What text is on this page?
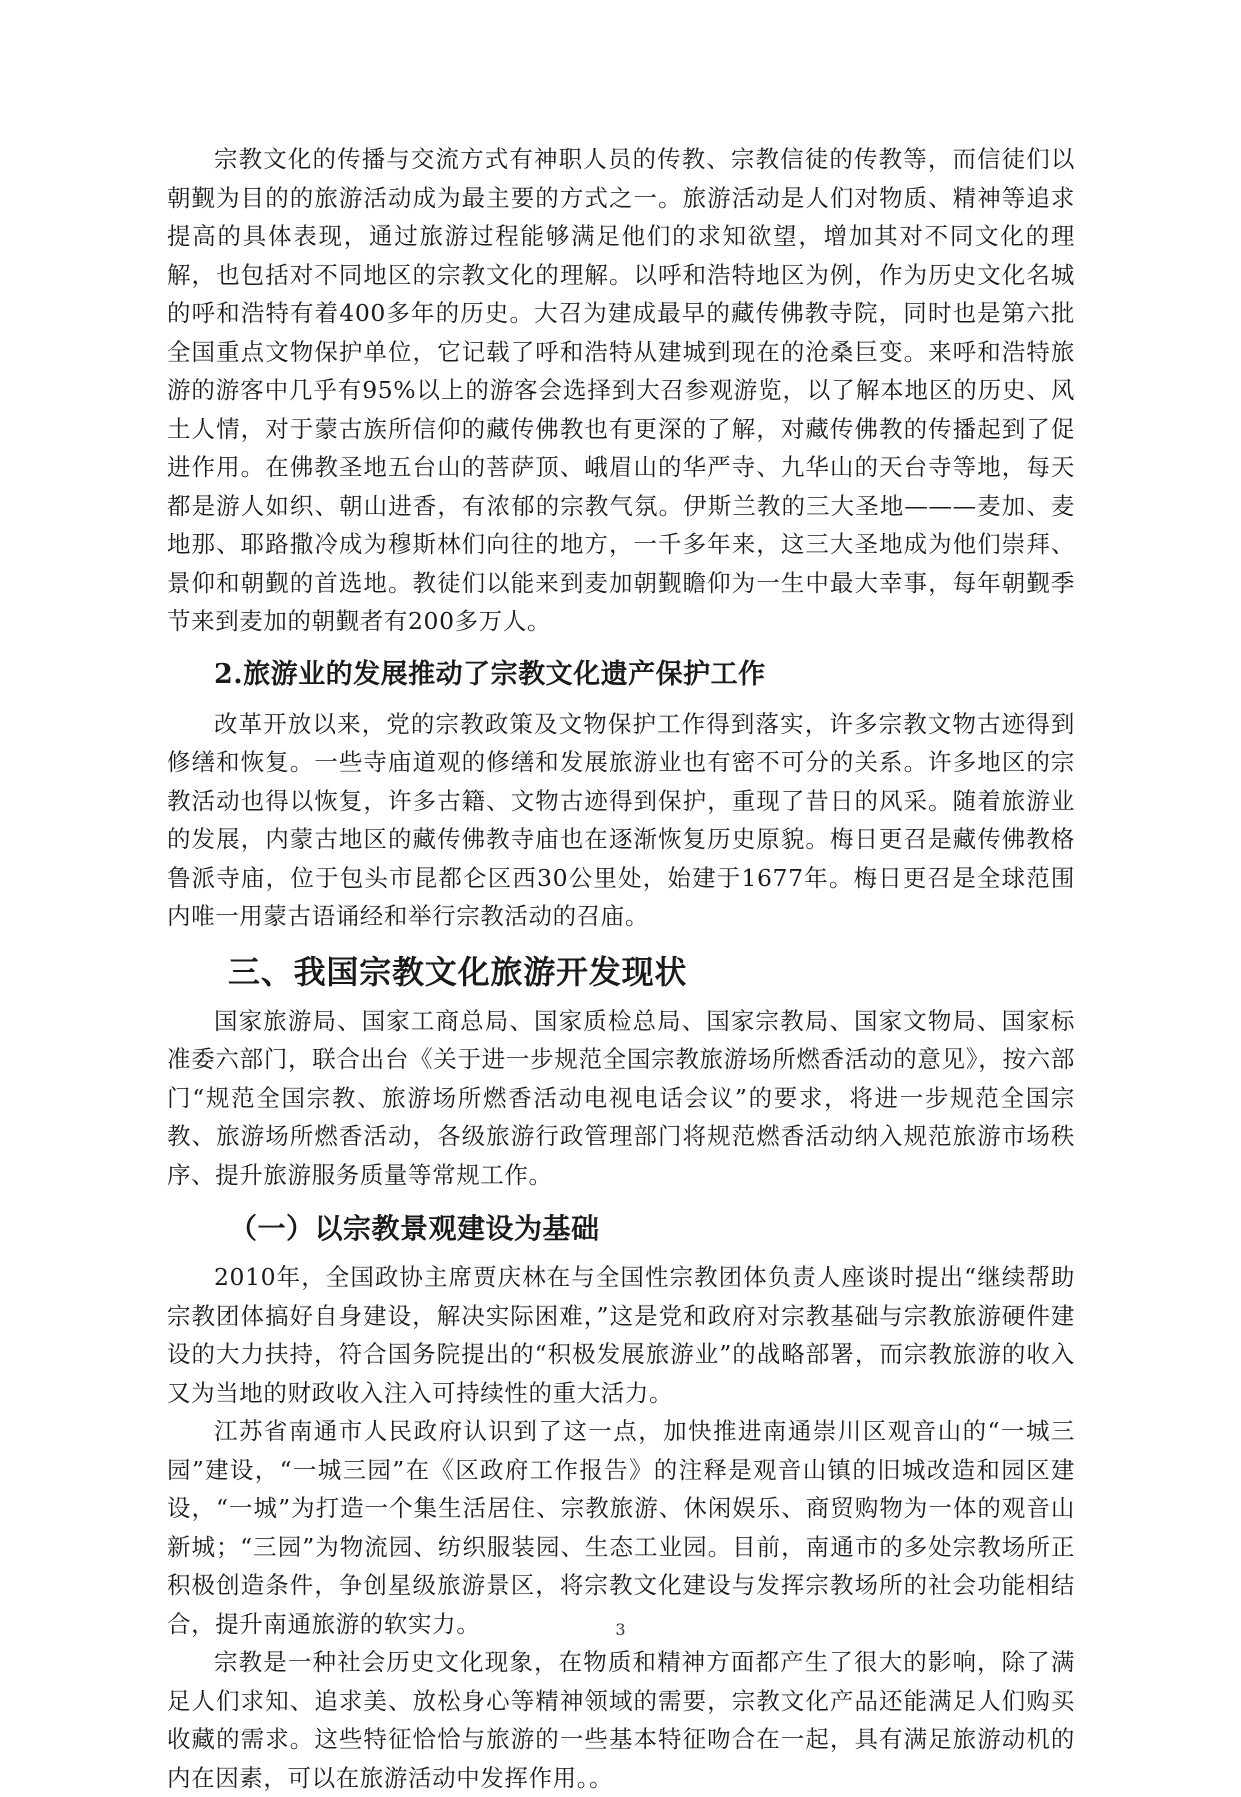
宗教文化的传播与交流方式有神职人员的传教、宗教信徒的传教等，而信徒们以朝觐为目的的旅游活动成为最主要的方式之一。旅游活动是人们对物质、精神等追求提高的具体表现，通过旅游过程能够满足他们的求知欲望，增加其对不同文化的理解，也包括对不同地区的宗教文化的理解。以呼和浩特地区为例，作为历史文化名城的呼和浩特有着400多年的历史。大召为建成最早的藏传佛教寺院，同时也是第六批全国重点文物保护单位，它记载了呼和浩特从建城到现在的沧桑巨变。来呼和浩特旅游的游客中几乎有95%以上的游客会选择到大召参观游览，以了解本地区的历史、风土人情，对于蒙古族所信仰的藏传佛教也有更深的了解，对藏传佛教的传播起到了促进作用。在佛教圣地五台山的菩萨顶、峨眉山的华严寺、九华山的天台寺等地，每天都是游人如织、朝山进香，有浓郁的宗教气氛。伊斯兰教的三大圣地———麦加、麦地那、耶路撒冷成为穆斯林们向往的地方，一千多年来，这三大圣地成为他们崇拜、景仰和朝觐的首选地。教徒们以能来到麦加朝觐瞻仰为一生中最大幸事，每年朝觐季节来到麦加的朝觐者有200多万人。

2.旅游业的发展推动了宗教文化遗产保护工作

改革开放以来，党的宗教政策及文物保护工作得到落实，许多宗教文物古迹得到修缮和恢复。一些寺庙道观的修缮和发展旅游业也有密不可分的关系。许多地区的宗教活动也得以恢复，许多古籍、文物古迹得到保护，重现了昔日的风采。随着旅游业的发展，内蒙古地区的藏传佛教寺庙也在逐渐恢复历史原貌。梅日更召是藏传佛教格鲁派寺庙，位于包头市昆都仑区西30公里处，始建于1677年。梅日更召是全球范围内唯一用蒙古语诵经和举行宗教活动的召庙。

三、我国宗教文化旅游开发现状

国家旅游局、国家工商总局、国家质检总局、国家宗教局、国家文物局、国家标准委六部门，联合出台《关于进一步规范全国宗教旅游场所燃香活动的意见》，按六部门“规范全国宗教、旅游场所燃香活动电视电话会议”的要求，将进一步规范全国宗教、旅游场所燃香活动，各级旅游行政管理部门将规范燃香活动纳入规范旅游市场秩序、提升旅游服务质量等常规工作。

（一）以宗教景观建设为基础

2010年，全国政协主席贾庆林在与全国性宗教团体负责人座谈时提出“继续帮助宗教团体搞好自身建设，解决实际困难，”这是党和政府对宗教基础与宗教旅游硬件建设的大力扶持，符合国务院提出的“积极发展旅游业”的战略部署，而宗教旅游的收入又为当地的财政收入注入可持续性的重大活力。

江苏省南通市人民政府认识到了这一点，加快推进南通崇川区观音山的“一城三园”建设，“一城三园”在《区政府工作报告》的注释是观音山镇的旧城改造和园区建设，“一城”为打造一个集生活居住、宗教旅游、休闲娱乐、商贸购物为一体的观音山新城；“三园”为物流园、纺织服装园、生态工业园。目前，南通市的多处宗教场所正积极创造条件，争创星级旅游景区，将宗教文化建设与发挥宗教场所的社会功能相结合，提升南通旅游的软实力。

宗教是一种社会历史文化现象，在物质和精神方面都产生了很大的影响，除了满足人们求知、追求美、放松身心等精神领域的需要，宗教文化产品还能满足人们购买收藏的需求。这些特征恰恰与旅游的一些基本特征吻合在一起，具有满足旅游动机的内在因素，可以在旅游活动中发挥作用。。

3
